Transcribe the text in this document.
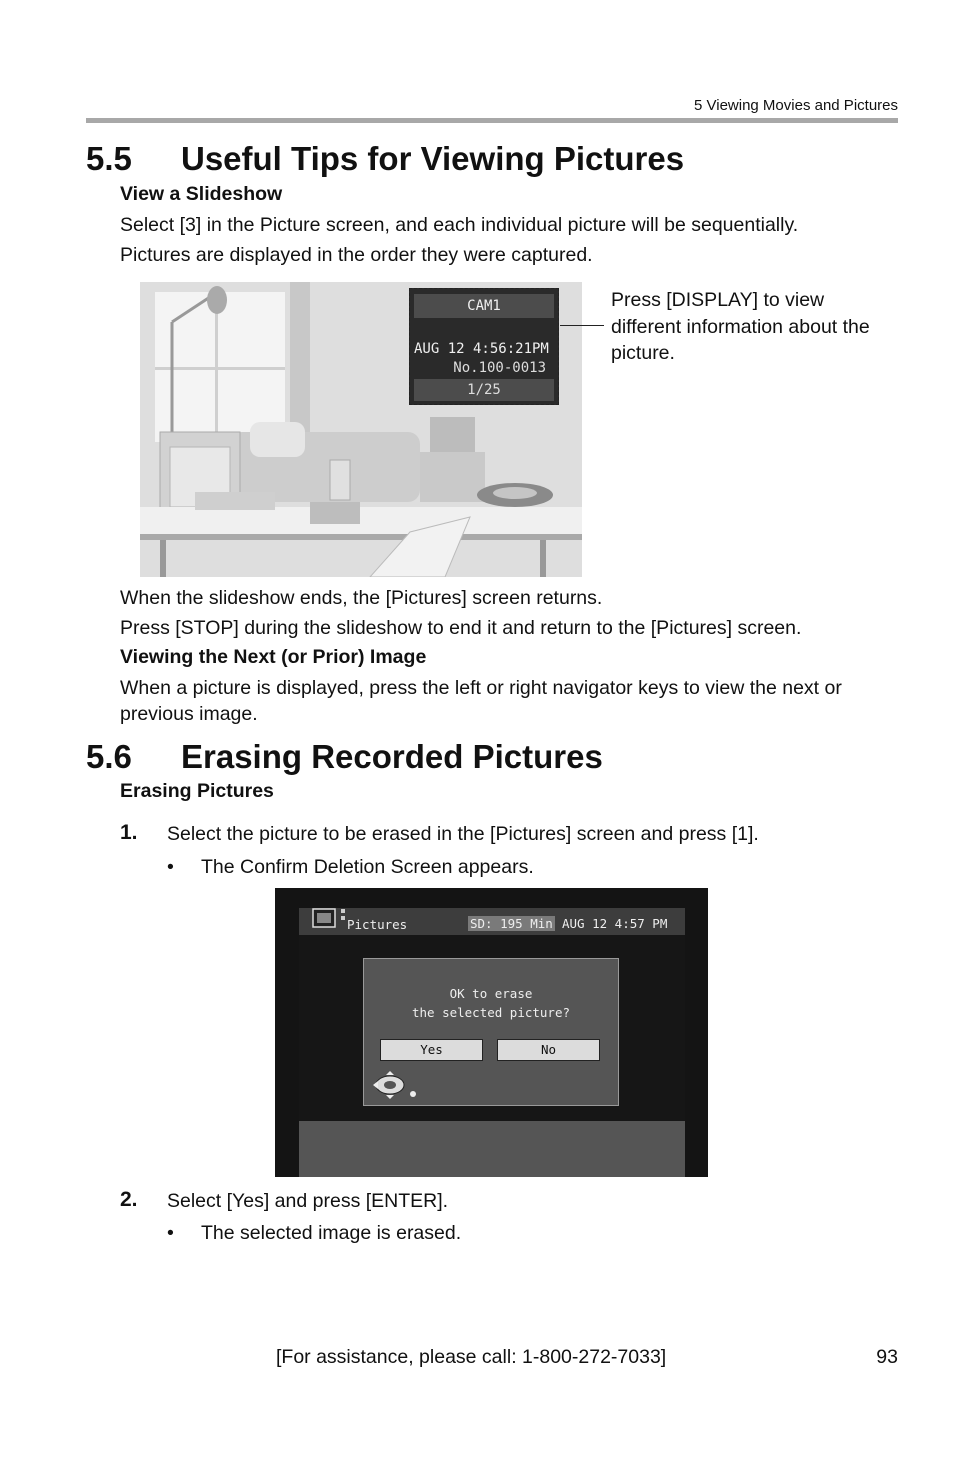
5 Viewing Movies and Pictures
5.5 Useful Tips for Viewing Pictures
View a Slideshow
Select [3] in the Picture screen, and each individual picture will be sequentially.
Pictures are displayed in the order they were captured.
CAM1
AUG 12 4:56:21PM
No.100-0013
1/25
Press [DISPLAY] to view different information about the picture.
When the slideshow ends, the [Pictures] screen returns.
Press [STOP] during the slideshow to end it and return to the [Pictures] screen.
Viewing the Next (or Prior) Image
When a picture is displayed, press the left or right navigator keys to view the next or previous image.
5.6 Erasing Recorded Pictures
Erasing Pictures
1. Select the picture to be erased in the [Pictures] screen and press [1].
• The Confirm Deletion Screen appears.
Pictures	SD: 195 Min AUG 12 4:57 PM
OK to erase
the selected picture?
Yes	No
2. Select [Yes] and press [ENTER].
• The selected image is erased.
[For assistance, please call: 1-800-272-7033]	93
